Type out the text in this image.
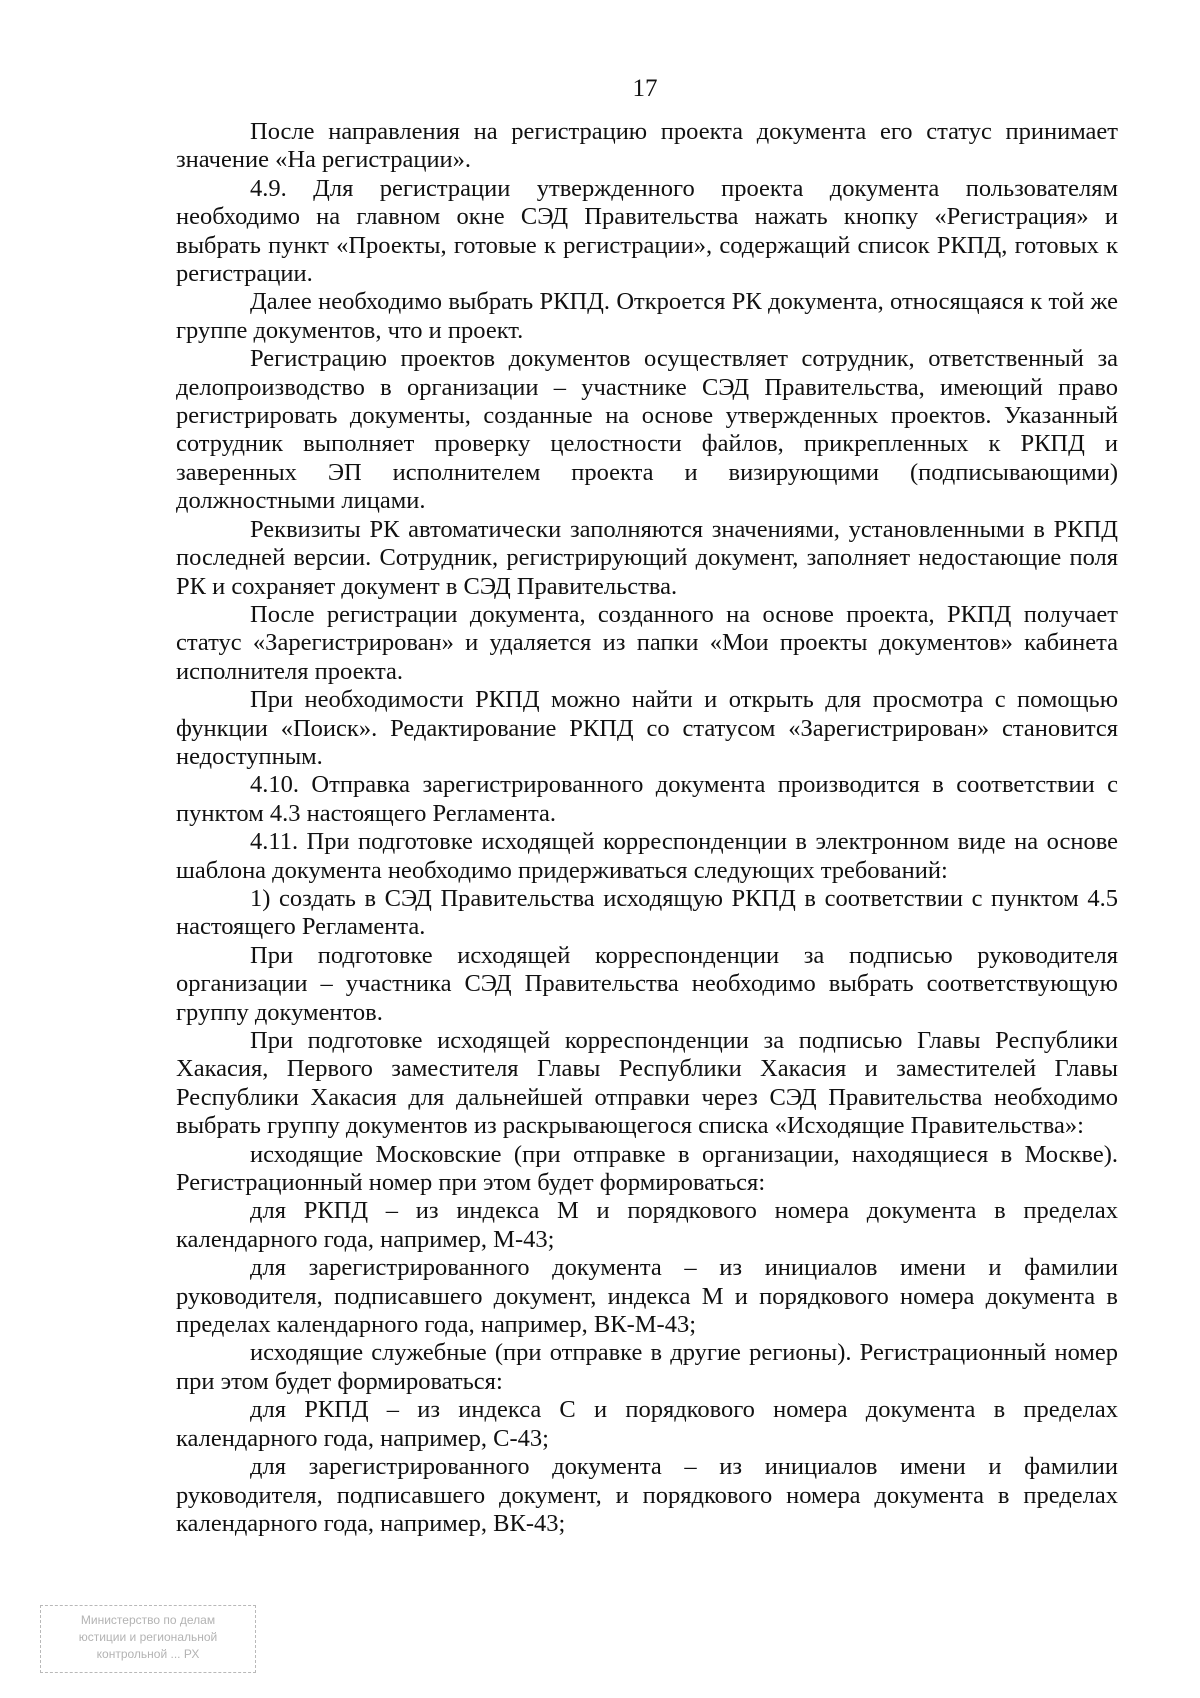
17

После направления на регистрацию проекта документа его статус принимает значение «На регистрации».

4.9. Для регистрации утвержденного проекта документа пользователям необходимо на главном окне СЭД Правительства нажать кнопку «Регистрация» и выбрать пункт «Проекты, готовые к регистрации», содержащий список РКПД, готовых к регистрации.

Далее необходимо выбрать РКПД. Откроется РК документа, относящаяся к той же группе документов, что и проект.

Регистрацию проектов документов осуществляет сотрудник, ответственный за делопроизводство в организации – участнике СЭД Правительства, имеющий право регистрировать документы, созданные на основе утвержденных проектов. Указанный сотрудник выполняет проверку целостности файлов, прикрепленных к РКПД и заверенных ЭП исполнителем проекта и визирующими (подписывающими) должностными лицами.

Реквизиты РК автоматически заполняются значениями, установленными в РКПД последней версии. Сотрудник, регистрирующий документ, заполняет недостающие поля РК и сохраняет документ в СЭД Правительства.

После регистрации документа, созданного на основе проекта, РКПД получает статус «Зарегистрирован» и удаляется из папки «Мои проекты документов» кабинета исполнителя проекта.

При необходимости РКПД можно найти и открыть для просмотра с помощью функции «Поиск». Редактирование РКПД со статусом «Зарегистрирован» становится недоступным.

4.10. Отправка зарегистрированного документа производится в соответствии с пунктом 4.3 настоящего Регламента.

4.11. При подготовке исходящей корреспонденции в электронном виде на основе шаблона документа необходимо придерживаться следующих требований:

1) создать в СЭД Правительства исходящую РКПД в соответствии с пунктом 4.5 настоящего Регламента.

При подготовке исходящей корреспонденции за подписью руководителя организации – участника СЭД Правительства необходимо выбрать соответствующую группу документов.

При подготовке исходящей корреспонденции за подписью Главы Республики Хакасия, Первого заместителя Главы Республики Хакасия и заместителей Главы Республики Хакасия для дальнейшей отправки через СЭД Правительства необходимо выбрать группу документов из раскрывающегося списка «Исходящие Правительства»:

исходящие Московские (при отправке в организации, находящиеся в Москве). Регистрационный номер при этом будет формироваться:

для РКПД – из индекса М и порядкового номера документа в пределах календарного года, например, М-43;

для зарегистрированного документа – из инициалов имени и фамилии руководителя, подписавшего документ, индекса М и порядкового номера документа в пределах календарного года, например, ВК-М-43;

исходящие служебные (при отправке в другие регионы). Регистрационный номер при этом будет формироваться:

для РКПД – из индекса С и порядкового номера документа в пределах календарного года, например, С-43;

для зарегистрированного документа – из инициалов имени и фамилии руководителя, подписавшего документ, и порядкового номера документа в пределах календарного года, например, ВК-43;

Министерство по делам
юстиции и региональной
контрольной ... РХ
